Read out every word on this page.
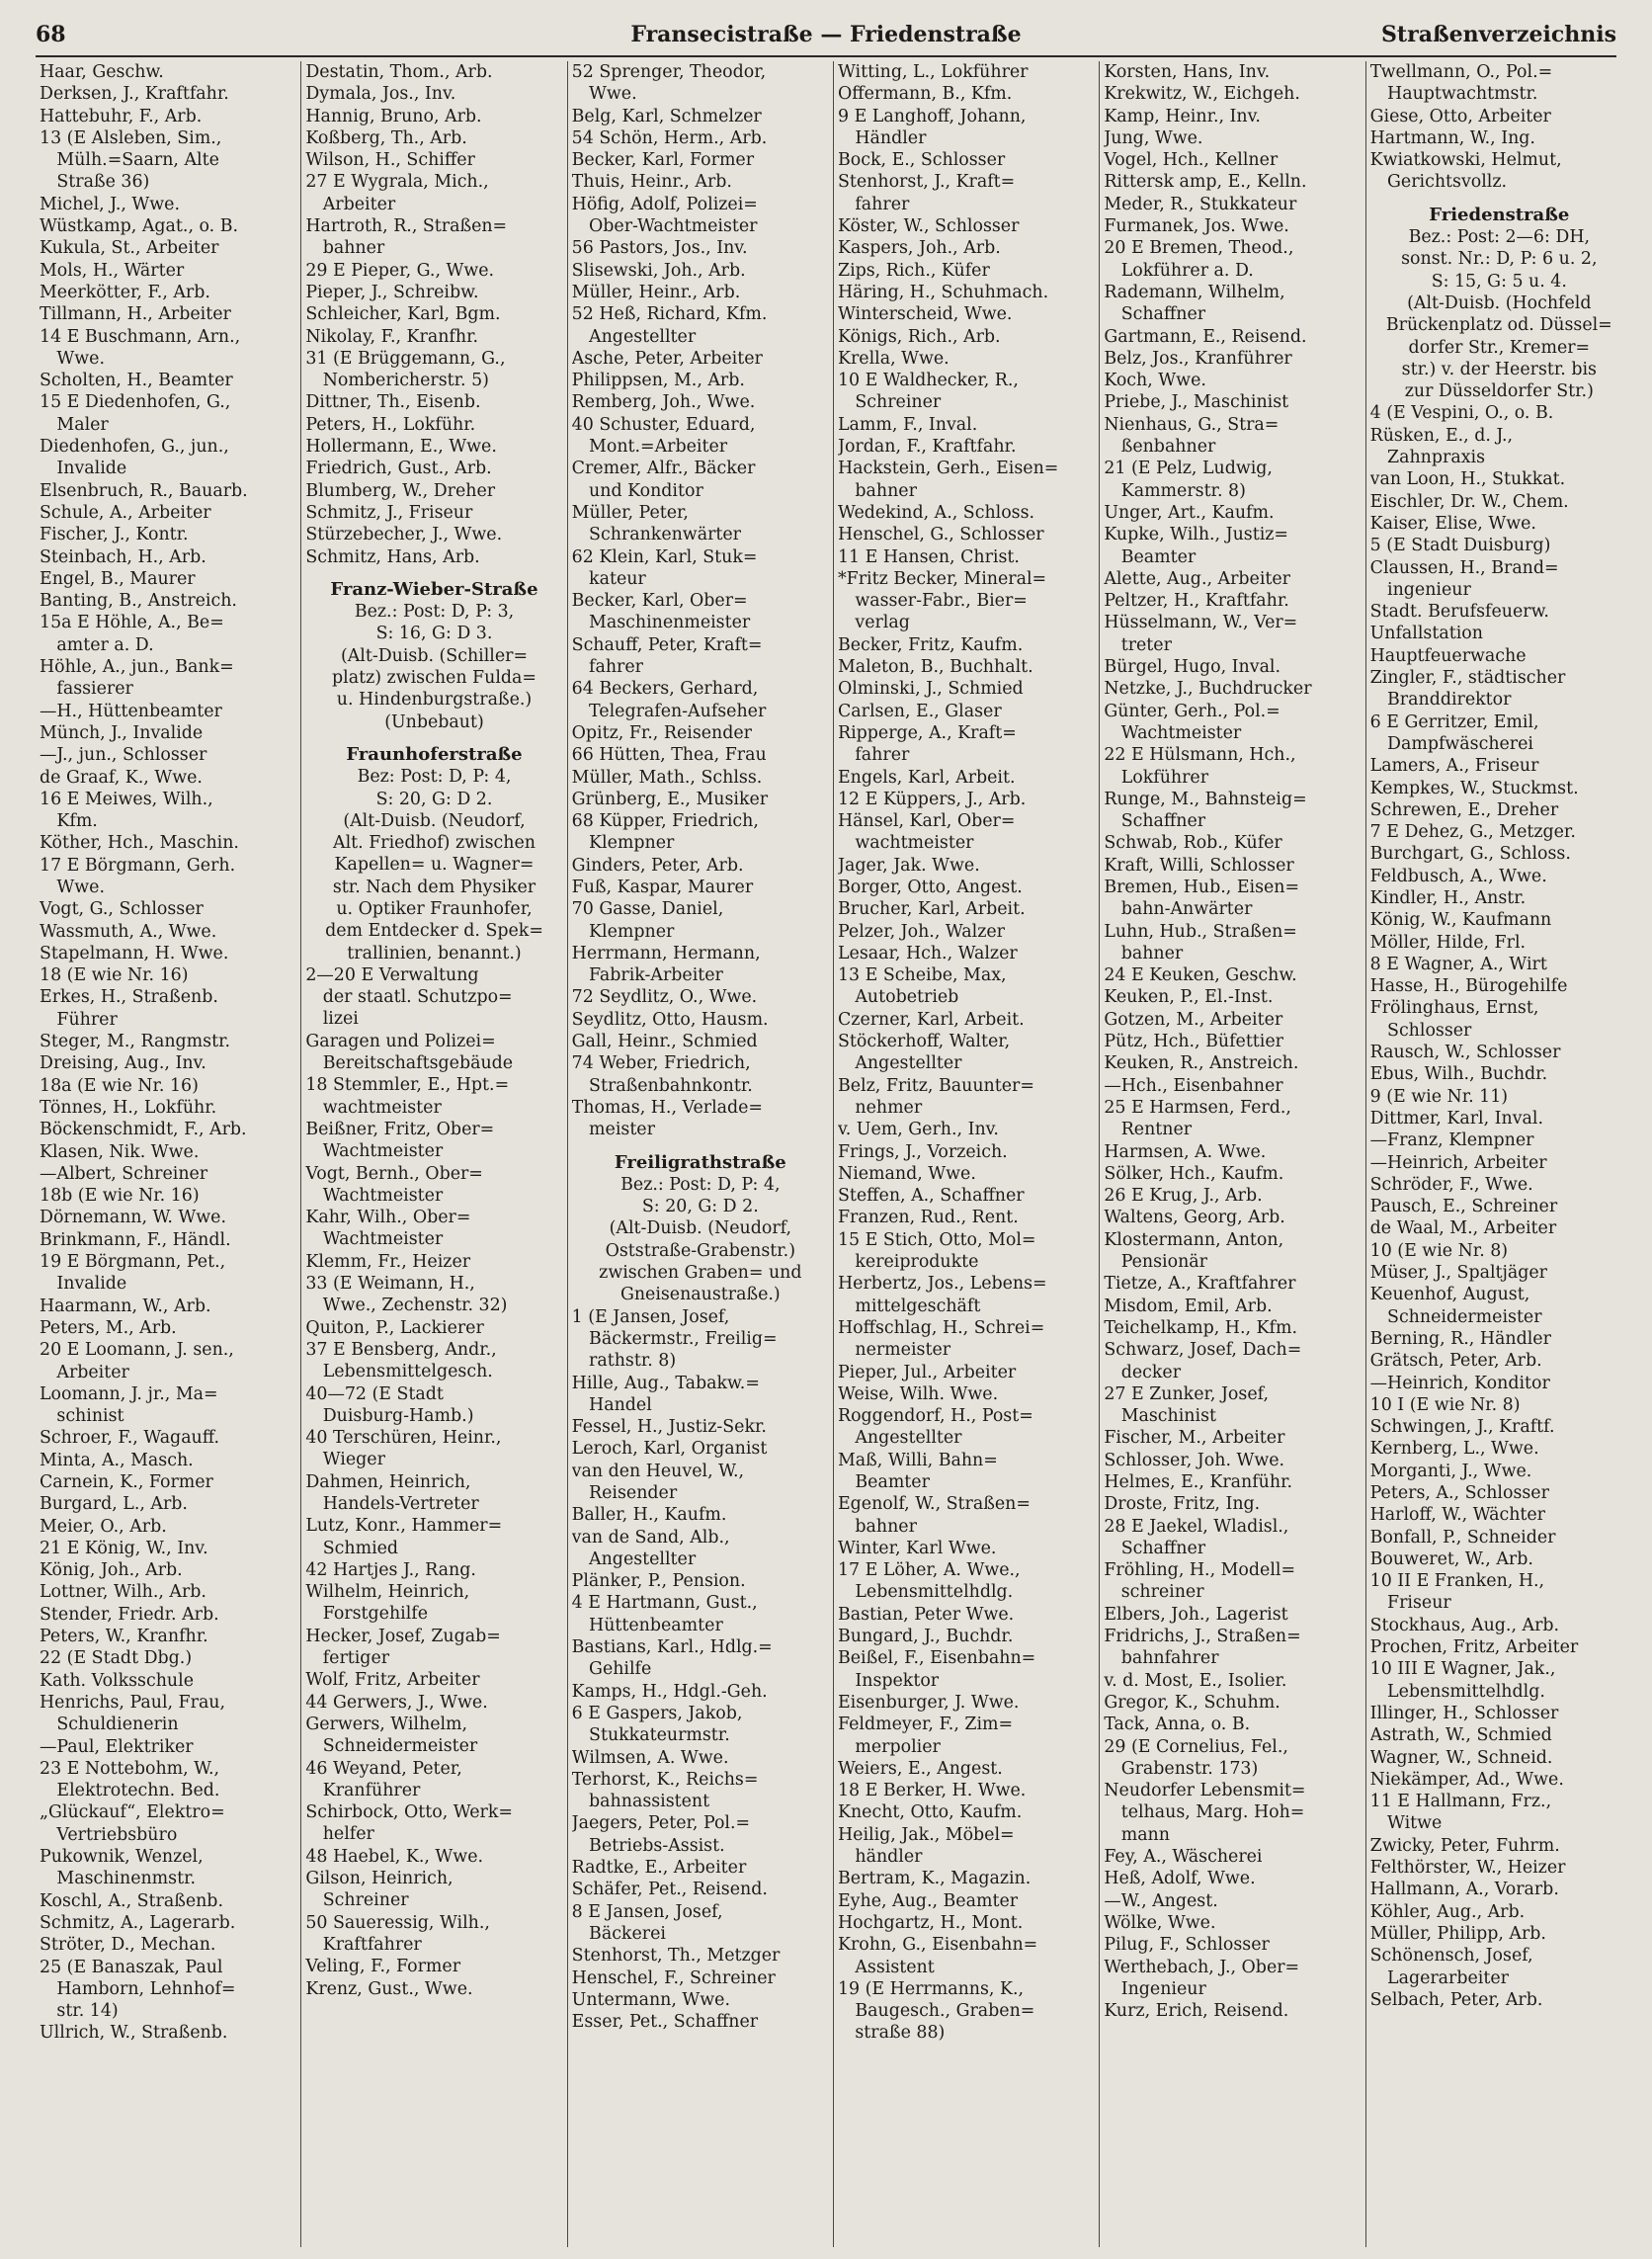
68	Fransecistraße — Friedenstraße	Straßenverzeichnis
Haar, Geschw.
Derksen, J., Kraftfahr.
Hattebuhr, F., Arb.
13 (E Alsleben, Sim.,
 Mülh.=Saarn, Alte
 Straße 36)
Michel, J., Wwe.
Wüstkamp, Agat., o. B.
Kukula, St., Arbeiter
Mols, H., Wärter
Meerkötter, F., Arb.
Tillmann, H., Arbeiter
14 E Buschmann, Arn.,
 Wwe.
Scholten, H., Beamter
15 E Diedenhofen, G.,
 Maler
Diedenhofen, G., jun.,
 Invalide
Elsenbruch, R., Bauarb.
Schule, A., Arbeiter
Fischer, J., Kontr.
Steinbach, H., Arb.
Engel, B., Maurer
Banting, B., Anstreich.
15a E Höhle, A., Be=
 amter a. D.
Höhle, A., jun., Bank=
 fassierer
—H., Hüttenbeamter
Münch, J., Invalide
—J., jun., Schlosser
de Graaf, K., Wwe.
16 E Meiwes, Wilh.,
 Kfm.
Köther, Hch., Maschin.
17 E Börgmann, Gerh.
 Wwe.
Vogt, G., Schlosser
Wassmuth, A., Wwe.
Stapelmann, H. Wwe.
18 (E wie Nr. 16)
Erkes, H., Straßenb.
 Führer
Steger, M., Rangmstr.
Dreising, Aug., Inv.
18a (E wie Nr. 16)
Tönnes, H., Lokführ.
Böckenschmidt, F., Arb.
Klasen, Nik. Wwe.
—Albert, Schreiner
18b (E wie Nr. 16)
Dörnemann, W. Wwe.
Brinkmann, F., Händl.
19 E Börgmann, Pet.,
 Invalide
Haarmann, W., Arb.
Peters, M., Arb.
20 E Loomann, J. sen.,
 Arbeiter
Loomann, J. jr., Ma=
 schinist
Schroer, F., Wagauff.
Minta, A., Masch.
Carnein, K., Former
Burgard, L., Arb.
Meier, O., Arb.
21 E König, W., Inv.
König, Joh., Arb.
Lottner, Wilh., Arb.
Stender, Friedr. Arb.
Peters, W., Kranfhr.
22 (E Stadt Dbg.)
Kath. Volksschule
Henrichs, Paul, Frau,
 Schuldienerin
—Paul, Elektriker
23 E Nottebohm, W.,
 Elektrotechn. Bed.
„Glückauf“, Elektro=
 Vertriebsbüro
Pukownik, Wenzel,
 Maschinenmstr.
Koschl, A., Straßenb.
Schmitz, A., Lagerarb.
Ströter, D., Mechan.
25 (E Banaszak, Paul
 Hamborn, Lehnhof=
 str. 14)
Ullrich, W., Straßenb.
Destatin, Thom., Arb.
Dymala, Jos., Inv.
Hannig, Bruno, Arb.
Koßberg, Th., Arb.
Wilson, H., Schiffer
27 E Wygrala, Mich.,
 Arbeiter
Hartroth, R., Straßen=
 bahner
29 E Pieper, G., Wwe.
Pieper, J., Schreibw.
Schleicher, Karl, Bgm.
Nikolay, F., Kranfhr.
31 (E Brüggemann, G.,
 Nombericherstr. 5)
Dittner, Th., Eisenb.
Peters, H., Lokführ.
Hollermann, E., Wwe.
Friedrich, Gust., Arb.
Blumberg, W., Dreher
Schmitz, J., Friseur
Stürzebecher, J., Wwe.
Schmitz, Hans, Arb.
Franz-Wieber-Straße
Bez.: Post: D, P: 3,
S: 16, G: D 3.
(Alt-Duisb. (Schiller=
platz) zwischen Fulda=
u. Hindenburgstraße.)
(Unbebaut)
Fraunhoferstraße
Bez: Post: D, P: 4,
S: 20, G: D 2.
(Alt-Duisb. (Neudorf,
Alt. Friedhof) zwischen
Kapellen= u. Wagner=
str. Nach dem Physiker
u. Optiker Fraunhofer,
dem Entdecker d. Spek=
trallinien, benannt.)
2—20 E Verwaltung
 der staatl. Schutzpo=
 lizei
Garagen und Polizei=
 Bereitschaftsgebäude
18 Stemmler, E., Hpt.=
 wachtmeister
Beißner, Fritz, Ober=
 Wachtmeister
Vogt, Bernh., Ober=
 Wachtmeister
Kahr, Wilh., Ober=
 Wachtmeister
Klemm, Fr., Heizer
33 (E Weimann, H.,
 Wwe., Zechenstr. 32)
Quiton, P., Lackierer
37 E Bensberg, Andr.,
 Lebensmittelgesch.
40—72 (E Stadt
 Duisburg-Hamb.)
40 Terschüren, Heinr.,
 Wieger
Dahmen, Heinrich,
 Handels-Vertreter
Lutz, Konr., Hammer=
 Schmied
42 Hartjes J., Rang.
Wilhelm, Heinrich,
 Forstgehilfe
Hecker, Josef, Zugab=
 fertiger
Wolf, Fritz, Arbeiter
44 Gerwers, J., Wwe.
Gerwers, Wilhelm,
 Schneidermeister
46 Weyand, Peter,
 Kranführer
Schirbock, Otto, Werk=
 helfer
48 Haebel, K., Wwe.
Gilson, Heinrich,
 Schreiner
50 Saueressig, Wilh.,
 Kraftfahrer
Veling, F., Former
Krenz, Gust., Wwe.
52 Sprenger, Theodor,
 Wwe.
Belg, Karl, Schmelzer
54 Schön, Herm., Arb.
Becker, Karl, Former
Thuis, Heinr., Arb.
Höfig, Adolf, Polizei=
 Ober-Wachtmeister
56 Pastors, Jos., Inv.
Slisewski, Joh., Arb.
Müller, Heinr., Arb.
52 Heß, Richard, Kfm.
 Angestellter
Asche, Peter, Arbeiter
Philippsen, M., Arb.
Remberg, Joh., Wwe.
40 Schuster, Eduard,
 Mont.=Arbeiter
Cremer, Alfr., Bäcker
 und Konditor
Müller, Peter,
 Schrankenwärter
62 Klein, Karl, Stuk=
 kateur
Becker, Karl, Ober=
 Maschinenmeister
Schauff, Peter, Kraft=
 fahrer
64 Beckers, Gerhard,
 Telegrafen-Aufseher
Opitz, Fr., Reisender
66 Hütten, Thea, Frau
Müller, Math., Schlss.
Grünberg, E., Musiker
68 Küpper, Friedrich,
 Klempner
Ginders, Peter, Arb.
Fuß, Kaspar, Maurer
70 Gasse, Daniel,
 Klempner
Herrmann, Hermann,
 Fabrik-Arbeiter
72 Seydlitz, O., Wwe.
Seydlitz, Otto, Hausm.
Gall, Heinr., Schmied
74 Weber, Friedrich,
 Straßenbahnkontr.
Thomas, H., Verlade=
 meister
Freiligrathstraße
Bez.: Post: D, P: 4,
S: 20, G: D 2.
(Alt-Duisb. (Neudorf,
Oststraße-Grabenstr.)
zwischen Graben= und
Gneisenaustraße.)
1 (E Jansen, Josef,
 Bäckermstr., Freilig=
 rathstr. 8)
Hille, Aug., Tabakw.=
 Handel
Fessel, H., Justiz-Sekr.
Leroch, Karl, Organist
van den Heuvel, W.,
 Reisender
Baller, H., Kaufm.
van de Sand, Alb.,
 Angestellter
Plänker, P., Pension.
4 E Hartmann, Gust.,
 Hüttenbeamter
Bastians, Karl., Hdlg.=
 Gehilfe
Kamps, H., Hdgl.-Geh.
6 E Gaspers, Jakob,
 Stukkateurmstr.
Wilmsen, A. Wwe.
Terhorst, K., Reichs=
 bahnassistent
Jaegers, Peter, Pol.=
 Betriebs-Assist.
Radtke, E., Arbeiter
Schäfer, Pet., Reisend.
8 E Jansen, Josef,
 Bäckerei
Stenhorst, Th., Metzger
Henschel, F., Schreiner
Untermann, Wwe.
Esser, Pet., Schaffner
Witting, L., Lokführer
Offermann, B., Kfm.
9 E Langhoff, Johann,
 Händler
Bock, E., Schlosser
Stenhorst, J., Kraft=
 fahrer
Köster, W., Schlosser
Kaspers, Joh., Arb.
Zips, Rich., Küfer
Häring, H., Schuhmach.
Winterscheid, Wwe.
Königs, Rich., Arb.
Krella, Wwe.
10 E Waldhecker, R.,
 Schreiner
Lamm, F., Inval.
Jordan, F., Kraftfahr.
Hackstein, Gerh., Eisen=
 bahner
Wedekind, A., Schloss.
Henschel, G., Schlosser
11 E Hansen, Christ.
*Fritz Becker, Mineral=
 wasser-Fabr., Bier=
 verlag
Becker, Fritz, Kaufm.
Maleton, B., Buchhalt.
Olminski, J., Schmied
Carlsen, E., Glaser
Ripperge, A., Kraft=
 fahrer
Engels, Karl, Arbeit.
12 E Küppers, J., Arb.
Hänsel, Karl, Ober=
 wachtmeister
Jager, Jak. Wwe.
Borger, Otto, Angest.
Brucher, Karl, Arbeit.
Pelzer, Joh., Walzer
Lesaar, Hch., Walzer
13 E Scheibe, Max,
 Autobetrieb
Czerner, Karl, Arbeit.
Stöckerhoff, Walter,
 Angestellter
Belz, Fritz, Bauunter=
 nehmer
v. Uem, Gerh., Inv.
Frings, J., Vorzeich.
Niemand, Wwe.
Steffen, A., Schaffner
Franzen, Rud., Rent.
15 E Stich, Otto, Mol=
 kereiprodukte
Herbertz, Jos., Lebens=
 mittelgeschäft
Hoffschlag, H., Schrei=
 nermeister
Pieper, Jul., Arbeiter
Weise, Wilh. Wwe.
Roggendorf, H., Post=
 Angestellter
Maß, Willi, Bahn=
 Beamter
Egenolf, W., Straßen=
 bahner
Winter, Karl Wwe.
17 E Löher, A. Wwe.,
 Lebensmittelhdlg.
Bastian, Peter Wwe.
Bungard, J., Buchdr.
Beißel, F., Eisenbahn=
 Inspektor
Eisenburger, J. Wwe.
Feldmeyer, F., Zim=
 merpolier
Weiers, E., Angest.
18 E Berker, H. Wwe.
Knecht, Otto, Kaufm.
Heilig, Jak., Möbel=
 händler
Bertram, K., Magazin.
Eyhe, Aug., Beamter
Hochgartz, H., Mont.
Krohn, G., Eisenbahn=
 Assistent
19 (E Herrmanns, K.,
 Baugesch., Graben=
 straße 88)
Korsten, Hans, Inv.
Krekwitz, W., Eichgeh.
Kamp, Heinr., Inv.
Jung, Wwe.
Vogel, Hch., Kellner
Rittersk amp, E., Kelln.
Meder, R., Stukkateur
Furmanek, Jos. Wwe.
20 E Bremen, Theod.,
 Lokführer a. D.
Rademann, Wilhelm,
 Schaffner
Gartmann, E., Reisend.
Belz, Jos., Kranführer
Koch, Wwe.
Priebe, J., Maschinist
Nienhaus, G., Stra=
 ßenbahner
21 (E Pelz, Ludwig,
 Kammerstr. 8)
Unger, Art., Kaufm.
Kupke, Wilh., Justiz=
 Beamter
Alette, Aug., Arbeiter
Peltzer, H., Kraftfahr.
Hüsselmann, W., Ver=
 treter
Bürgel, Hugo, Inval.
Netzke, J., Buchdrucker
Günter, Gerh., Pol.=
 Wachtmeister
22 E Hülsmann, Hch.,
 Lokführer
Runge, M., Bahnsteig=
 Schaffner
Schwab, Rob., Küfer
Kraft, Willi, Schlosser
Bremen, Hub., Eisen=
 bahn-Anwärter
Luhn, Hub., Straßen=
 bahner
24 E Keuken, Geschw.
Keuken, P., El.-Inst.
Gotzen, M., Arbeiter
Pütz, Hch., Büfettier
Keuken, R., Anstreich.
—Hch., Eisenbahner
25 E Harmsen, Ferd.,
 Rentner
Harmsen, A. Wwe.
Sölker, Hch., Kaufm.
26 E Krug, J., Arb.
Waltens, Georg, Arb.
Klostermann, Anton,
 Pensionär
Tietze, A., Kraftfahrer
Misdom, Emil, Arb.
Teichelkamp, H., Kfm.
Schwarz, Josef, Dach=
 decker
27 E Zunker, Josef,
 Maschinist
Fischer, M., Arbeiter
Schlosser, Joh. Wwe.
Helmes, E., Kranführ.
Droste, Fritz, Ing.
28 E Jaekel, Wladisl.,
 Schaffner
Fröhling, H., Modell=
 schreiner
Elbers, Joh., Lagerist
Fridrichs, J., Straßen=
 bahnfahrer
v. d. Most, E., Isolier.
Gregor, K., Schuhm.
Tack, Anna, o. B.
29 (E Cornelius, Fel.,
 Grabenstr. 173)
Neudorfer Lebensmit=
 telhaus, Marg. Hoh=
 mann
Fey, A., Wäscherei
Heß, Adolf, Wwe.
—W., Angest.
Wölke, Wwe.
Pilug, F., Schlosser
Werthebach, J., Ober=
 Ingenieur
Kurz, Erich, Reisend.
Twellmann, O., Pol.=
 Hauptwachtmstr.
Giese, Otto, Arbeiter
Hartmann, W., Ing.
Kwiatkowski, Helmut,
 Gerichtsvollz.
Friedenstraße
Bez.: Post: 2—6: DH,
sonst. Nr.: D, P: 6 u. 2,
S: 15, G: 5 u. 4.
(Alt-Duisb. (Hochfeld
Brückenplatz od. Düssel=
dorfer Str., Kremer=
str.) v. der Heerstr. bis
zur Düsseldorfer Str.)
4 (E Vespini, O., o. B.
Rüsken, E., d. J.,
 Zahnpraxis
van Loon, H., Stukkat.
Eischler, Dr. W., Chem.
Kaiser, Elise, Wwe.
5 (E Stadt Duisburg)
Claussen, H., Brand=
 ingenieur
Stadt. Berufsfeuerw.
Unfallstation
Hauptfeuerwache
Zingler, F., städtischer
 Branddirektor
6 E Gerritzer, Emil,
 Dampfwäscherei
Lamers, A., Friseur
Kempkes, W., Stuckmst.
Schrewen, E., Dreher
7 E Dehez, G., Metzger.
Burchgart, G., Schloss.
Feldbusch, A., Wwe.
Kindler, H., Anstr.
König, W., Kaufmann
Möller, Hilde, Frl.
8 E Wagner, A., Wirt
Hasse, H., Bürogehilfe
Frölinghaus, Ernst,
 Schlosser
Rausch, W., Schlosser
Ebus, Wilh., Buchdr.
9 (E wie Nr. 11)
Dittmer, Karl, Inval.
—Franz, Klempner
—Heinrich, Arbeiter
Schröder, F., Wwe.
Pausch, E., Schreiner
de Waal, M., Arbeiter
10 (E wie Nr. 8)
Müser, J., Spaltjäger
Keuenhof, August,
 Schneidermeister
Berning, R., Händler
Grätsch, Peter, Arb.
—Heinrich, Konditor
10 I (E wie Nr. 8)
Schwingen, J., Kraftf.
Kernberg, L., Wwe.
Morganti, J., Wwe.
Peters, A., Schlosser
Harloff, W., Wächter
Bonfall, P., Schneider
Bouweret, W., Arb.
10 II E Franken, H.,
 Friseur
Stockhaus, Aug., Arb.
Prochen, Fritz, Arbeiter
10 III E Wagner, Jak.,
 Lebensmittelhdlg.
Illinger, H., Schlosser
Astrath, W., Schmied
Wagner, W., Schneid.
Niekämper, Ad., Wwe.
11 E Hallmann, Frz.,
 Witwe
Zwicky, Peter, Fuhrm.
Felthörster, W., Heizer
Hallmann, A., Vorarb.
Köhler, Aug., Arb.
Müller, Philipp, Arb.
Schönensch, Josef,
 Lagerarbeiter
Selbach, Peter, Arb.
